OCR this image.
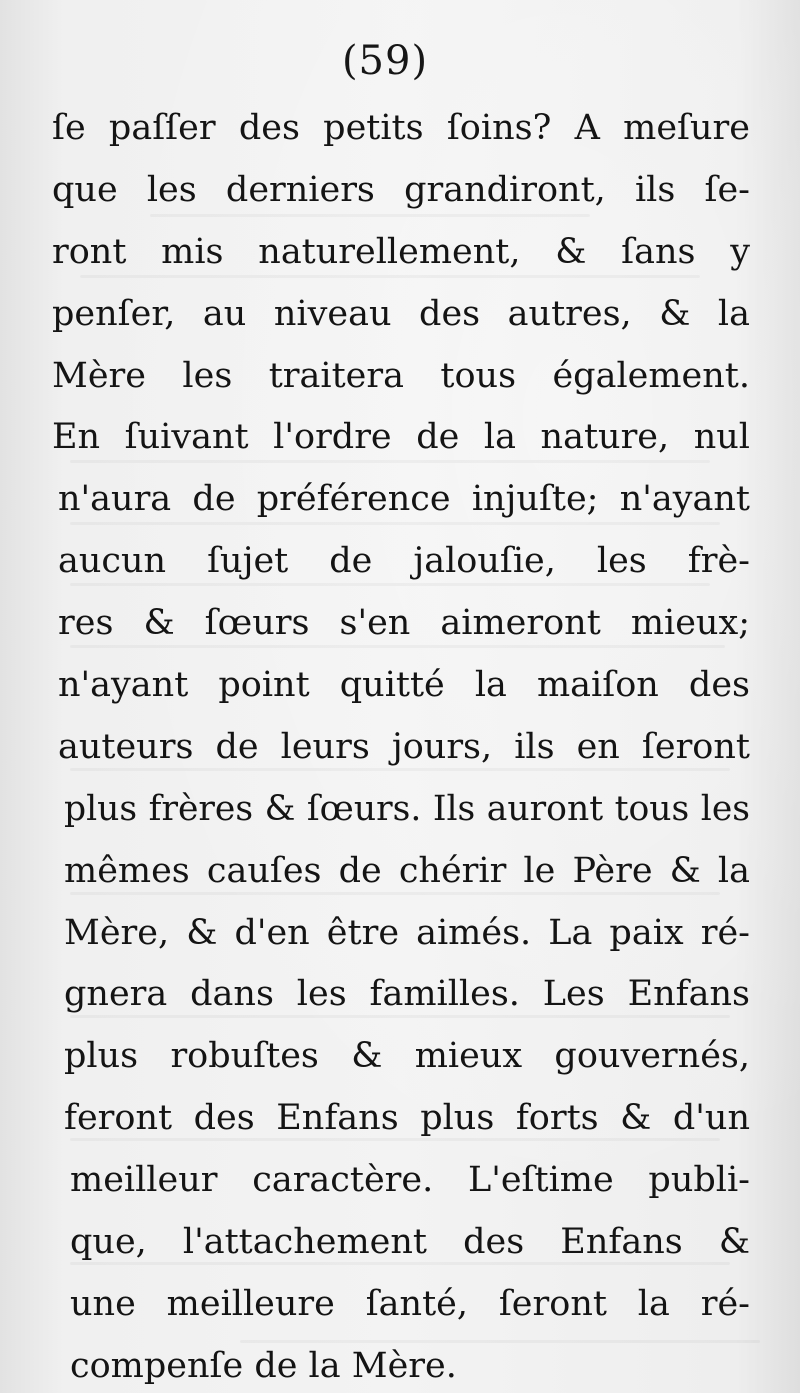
(59)
ſe paſſer des petits ſoins? A meſure
que les derniers grandiront, ils ſe-
ront mis naturellement, & ſans y
penſer, au niveau des autres, & la
Mère les traitera tous également.
En ſuivant l'ordre de la nature, nul
n'aura de préférence injuſte; n'ayant
aucun ſujet de jalouſie, les frè-
res & ſœurs s'en aimeront mieux;
n'ayant point quitté la maiſon des
auteurs de leurs jours, ils en ſeront
plus frères & ſœurs. Ils auront tous les
mêmes cauſes de chérir le Père & la
Mère, & d'en être aimés. La paix ré-
gnera dans les familles. Les Enfans
plus robuſtes & mieux gouvernés,
feront des Enfans plus forts & d'un
meilleur caractère. L'eſtime publi-
que, l'attachement des Enfans &
une meilleure ſanté, ſeront la ré-
compenſe de la Mère.
